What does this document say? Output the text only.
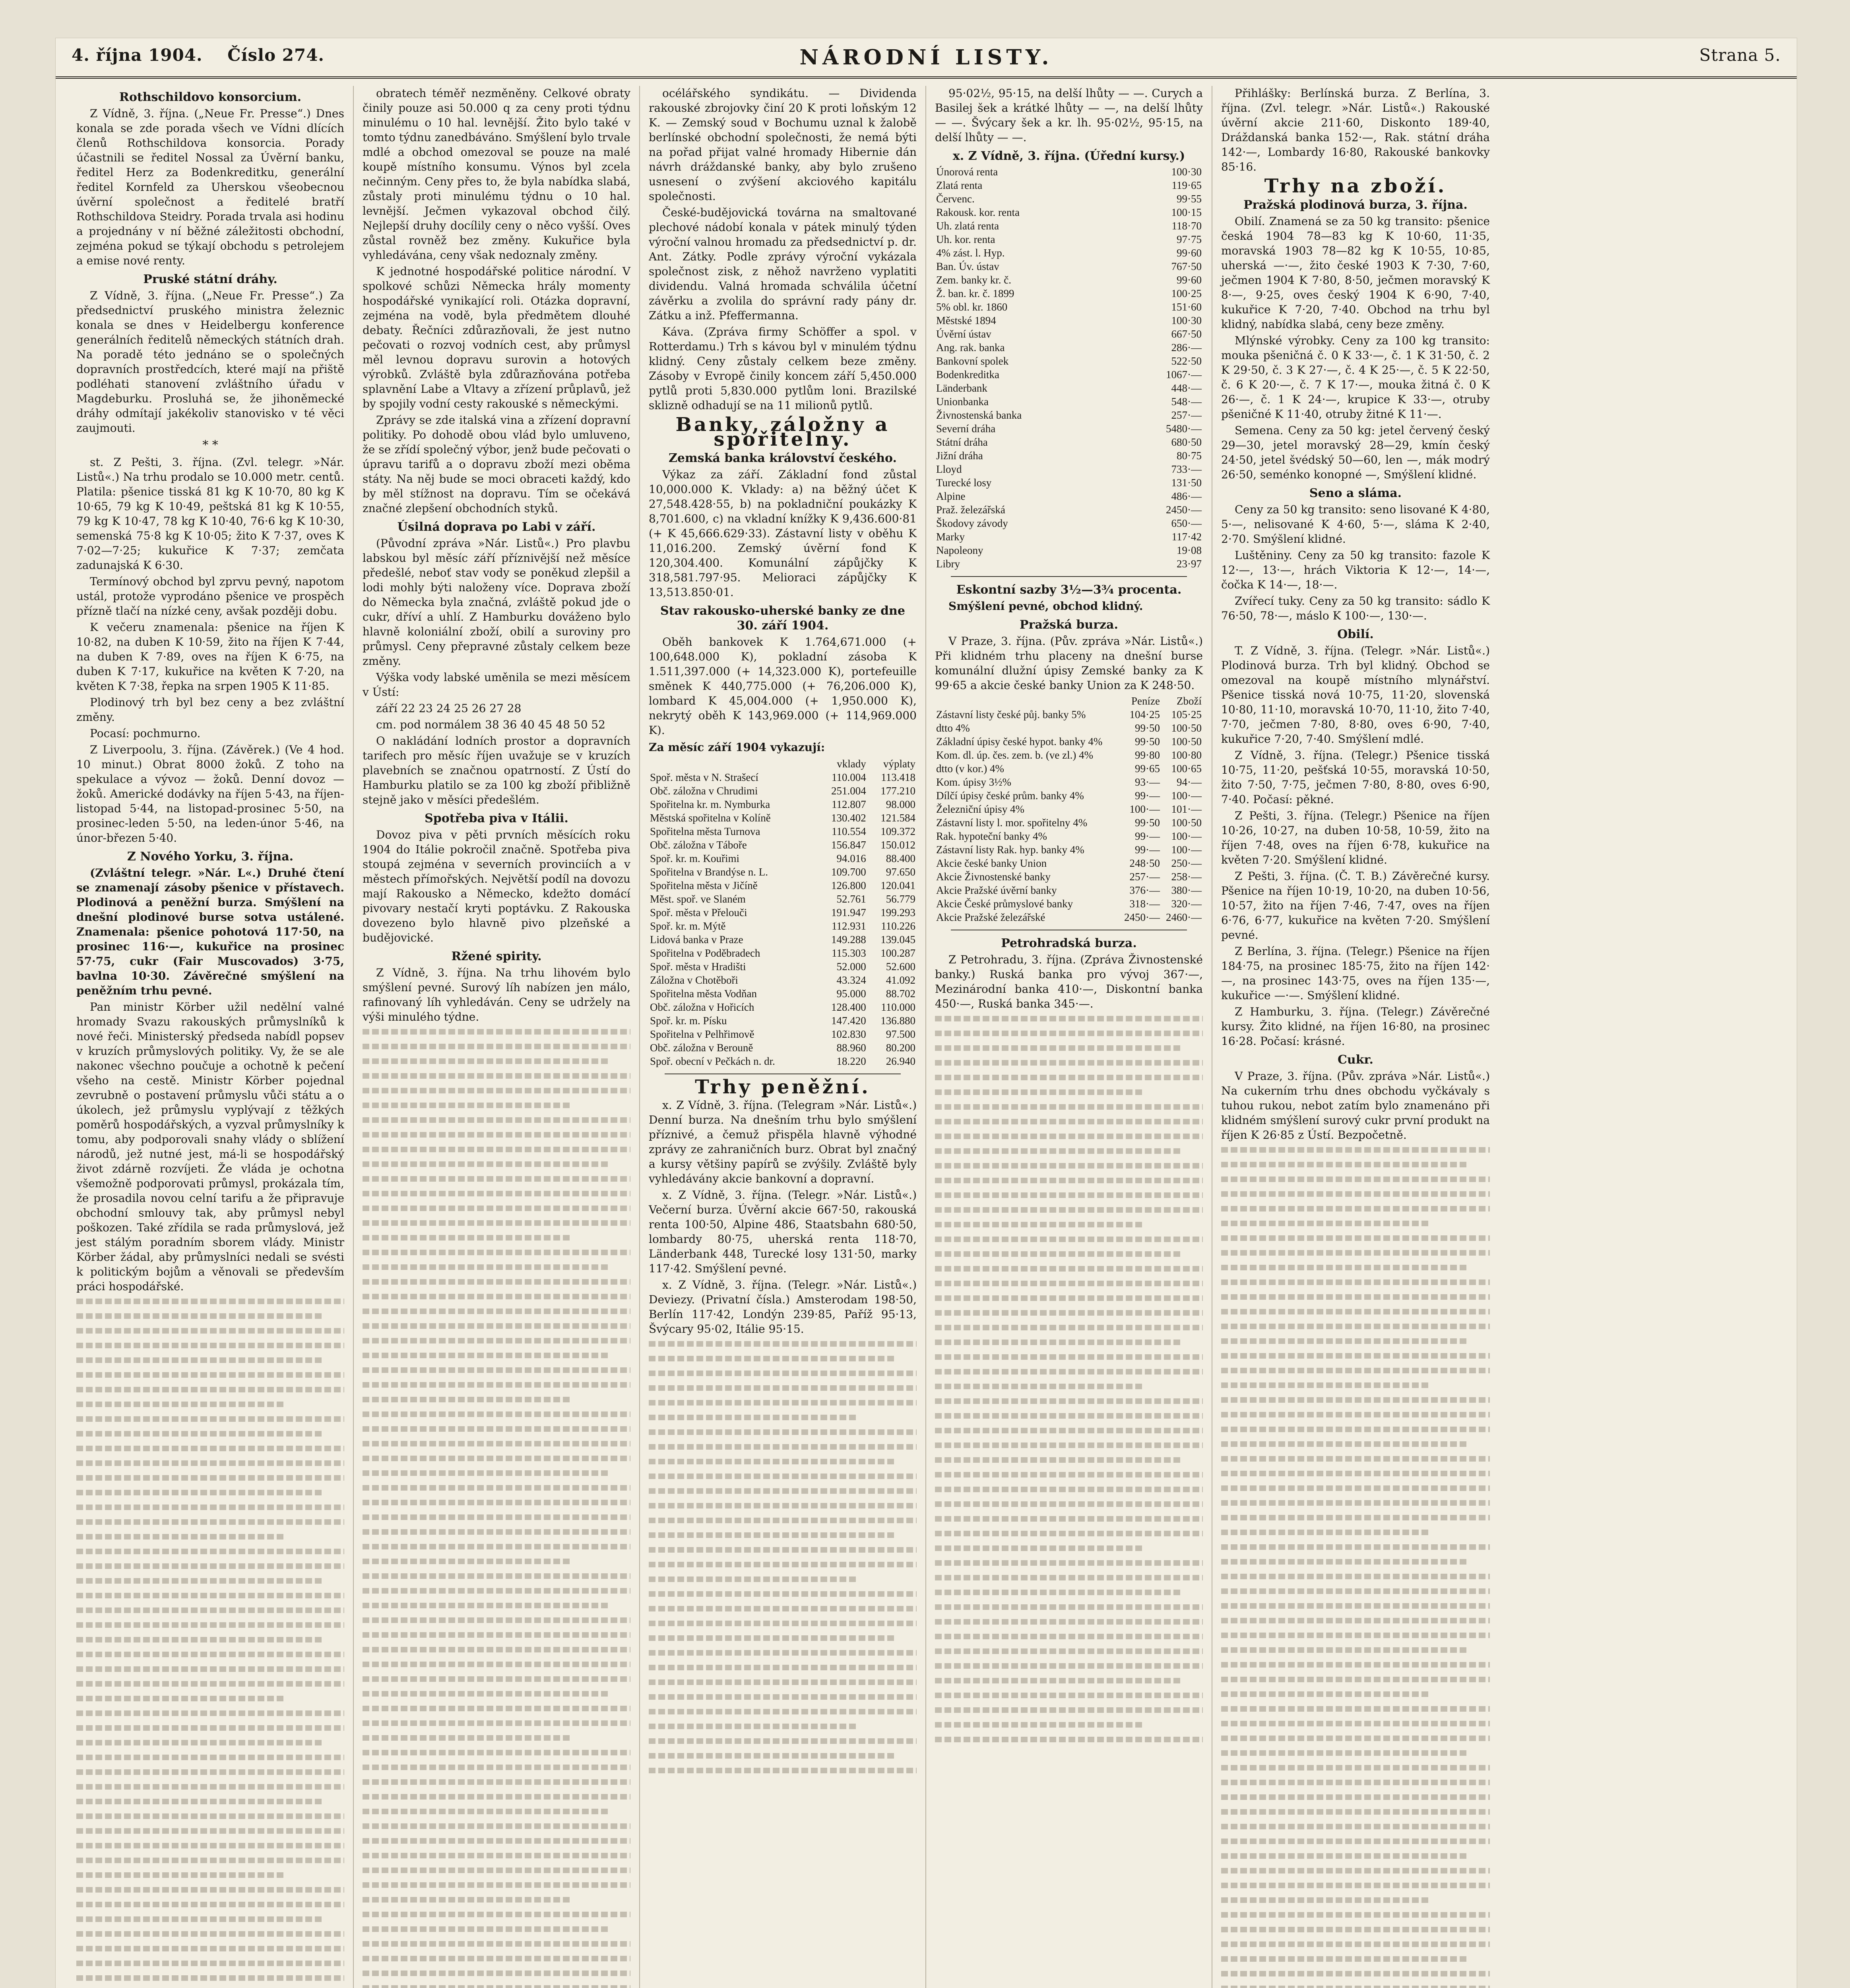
4. října 1904. Číslo 274.	NÁRODNÍ LISTY.	Strana 5.
Rothschildovo konsorcium.

Z Vídně, 3. října. („Neue Fr. Presse“.) Dnes konala se zde porada všech ve Vídni dlících členů Rothschildova konsorcia. Porady účastnili se ředitel Nossal za Úvěrní banku, ředitel Herz za Bodenkreditku, generální ředitel Kornfeld za Uherskou všeobecnou úvěrní společnost a ředitelé bratří Rothschildova Steidry. Porada trvala asi hodinu a projednány v ní běžné záležitosti obchodní, zejména pokud se týkají obchodu s petrolejem a emise nové renty.

Pruské státní dráhy.

Z Vídně, 3. října. („Neue Fr. Presse“.) Za předsednictví pruského ministra železnic konala se dnes v Heidelbergu konference generálních ředitelů německých státních drah. Na poradě této jednáno se o společných dopravních prostředcích, které mají na přiště podléhati stanovení zvláštního úřadu v Magdeburku. Prosluhá se, že jihoněmecké dráhy odmítají jakékoliv stanovisko v té věci zaujmouti.

* *

st. Z Pešti, 3. října. (Zvl. telegr. »Nár. Listů«.) Na trhu prodalo se 10.000 metr. centů. Platila: pšenice tisská 81 kg K 10·70, 80 kg K 10·65, 79 kg K 10·49, peštská 81 kg K 10·55, 79 kg K 10·47, 78 kg K 10·40, 76·6 kg K 10·30, semenská 75·8 kg K 10·05; žito K 7·37, oves K 7·02—7·25; kukuřice K 7·37; zemčata zadunajská K 6·30.

Termínový obchod byl zprvu pevný, napotom ustál, protože vyprodáno pšenice ve prospěch přízně tlačí na nízké ceny, avšak později dobu.

K večeru znamenala: pšenice na říjen K 10·82, na duben K 10·59, žito na říjen K 7·44, na duben K 7·89, oves na říjen K 6·75, na duben K 7·17, kukuřice na květen K 7·20, na květen K 7·38, řepka na srpen 1905 K 11·85.

Plodinový trh byl bez ceny a bez zvláštní změny.

Pocasí: pochmurno.

Z Liverpoolu, 3. října. (Závěrek.) (Ve 4 hod. 10 minut.) Obrat 8000 žoků. Z toho na spekulace a vývoz — žoků. Denní dovoz — žoků. Americké dodávky na říjen 5·43, na říjen-listopad 5·44, na listopad-prosinec 5·50, na prosinec-leden 5·50, na leden-únor 5·46, na únor-březen 5·40.

Z Nového Yorku, 3. října.

(Zvláštní telegr. »Nár. L«.) Druhé čtení se znamenají zásoby pšenice v přístavech. Plodinová a peněžní burza. Smýšlení na dnešní plodinové burse sotva ustálené. Znamenala: pšenice pohotová 117·50, na prosinec 116·—, kukuřice na prosinec 57·75, cukr (Fair Muscovados) 3·75, bavlna 10·30. Závěrečné smýšlení na peněžním trhu pevné.

Pan ministr Körber užil nedělní valné hromady Svazu rakouských průmyslníků k nové řeči. Ministerský předseda nabídl popsev v kruzích průmyslových politiky. Vy, že se ale nakonec všechno poučuje a ochotně k pečení všeho na cestě. Ministr Körber pojednal zevrubně o postavení průmyslu vůči státu a o úkolech, jež průmyslu vyplývají z těžkých poměrů hospodářských, a vyzval průmyslníky k tomu, aby podporovali snahy vlády o sblížení národů, jež nutné jest, má-li se hospodářský život zdárně rozvíjeti. Že vláda je ochotna všemožně podporovati průmysl, prokázala tím, že prosadila novou celní tarifu a že připravuje obchodní smlouvy tak, aby průmysl nebyl poškozen. Také zřídila se rada průmyslová, jež jest stálým poradním sborem vlády. Ministr Körber žádal, aby průmyslníci nedali se svésti k politickým bojům a věnovali se především práci hospodářské.

obratech téměř nezměněny. Celkové obraty činily pouze asi 50.000 q za ceny proti týdnu minulému o 10 hal. levnější. Žito bylo také v tomto týdnu zanedbáváno. Smýšlení bylo trvale mdlé a obchod omezoval se pouze na malé koupě místního konsumu. Výnos byl zcela nečinným. Ceny přes to, že byla nabídka slabá, zůstaly proti minulému týdnu o 10 hal. levnější. Ječmen vykazoval obchod čilý. Nejlepší druhy docílily ceny o něco vyšší. Oves zůstal rovněž bez změny. Kukuřice byla vyhledávána, ceny však nedoznaly změny.

K jednotné hospodářské politice národní. V spolkové schůzi Německa hrály momenty hospodářské vynikající roli. Otázka dopravní, zejména na vodě, byla předmětem dlouhé debaty. Řečníci zdůrazňovali, že jest nutno pečovati o rozvoj vodních cest, aby průmysl měl levnou dopravu surovin a hotových výrobků. Zvláště byla zdůrazňována potřeba splavnění Labe a Vltavy a zřízení průplavů, jež by spojily vodní cesty rakouské s německými.

Zprávy se zde italská vina a zřízení dopravní politiky. Po dohodě obou vlád bylo umluveno, že se zřídí společný výbor, jenž bude pečovati o úpravu tarifů a o dopravu zboží mezi oběma státy. Na něj bude se moci obraceti každý, kdo by měl stížnost na dopravu. Tím se očekává značné zlepšení obchodních styků.

Úsilná doprava po Labi v září.

(Původní zpráva »Nár. Listů«.) Pro plavbu labskou byl měsíc září příznivější než měsíce předešlé, neboť stav vody se poněkud zlepšil a lodi mohly býti naloženy více. Doprava zboží do Německa byla značná, zvláště pokud jde o cukr, dříví a uhlí. Z Hamburku dováženo bylo hlavně koloniální zboží, obilí a suroviny pro průmysl. Ceny přepravné zůstaly celkem beze změny.

Výška vody labské uměnila se mezi měsícem v Ústí:

září 22 23 24 25 26 27 28

cm. pod normálem 38 36 40 45 48 50 52

O nakládání lodních prostor a dopravních tarifech pro měsíc říjen uvažuje se v kruzích plavebních se značnou opatrností. Z Ústí do Hamburku platilo se za 100 kg zboží přibližně stejně jako v měsíci předešlém.

Spotřeba piva v Itálii.

Dovoz piva v pěti prvních měsících roku 1904 do Itálie pokročil značně. Spotřeba piva stoupá zejména v severních provinciích a v městech přímořských. Největší podíl na dovozu mají Rakousko a Německo, kdežto domácí pivovary nestačí kryti poptávku. Z Rakouska dovezeno bylo hlavně pivo plzeňské a budějovické.

Ržené spirity.

Z Vídně, 3. října. Na trhu lihovém bylo smýšlení pevné. Surový líh nabízen jen málo, rafinovaný líh vyhledáván. Ceny se udržely na výši minulého týdne.

océlářského syndikátu. — Dividenda rakouské zbrojovky činí 20 K proti loňským 12 K. — Zemský soud v Bochumu uznal k žalobě berlínské obchodní společnosti, že nemá býti na pořad přijat valné hromady Hibernie dán návrh dráždanské banky, aby bylo zrušeno usnesení o zvýšení akciového kapitálu společnosti.

České-budějovická továrna na smaltované plechové nádobí konala v pátek minulý týden výroční valnou hromadu za předsednictví p. dr. Ant. Zátky. Podle zprávy výroční vykázala společnost zisk, z něhož navrženo vyplatiti dividendu. Valná hromada schválila účetní závěrku a zvolila do správní rady pány dr. Zátku a inž. Pfeffermanna.

Káva. (Zpráva firmy Schöffer a spol. v Rotterdamu.) Trh s kávou byl v minulém týdnu klidný. Ceny zůstaly celkem beze změny. Zásoby v Evropě činily koncem září 5,450.000 pytlů proti 5,830.000 pytlům loni. Brazilské sklizně odhadují se na 11 milionů pytlů.

Banky, záložny a spořitelny.
Zemská banka království českého.

Výkaz za září. Základní fond zůstal 10,000.000 K. Vklady: a) na běžný účet K 27,548.428·55, b) na pokladniční poukázky K 8,701.600, c) na vkladní knížky K 9,436.600·81 (+ K 45,666.629·33). Zástavní listy v oběhu K 11,016.200. Zemský úvěrní fond K 120,304.400. Komunální zápůjčky K 318,581.797·95. Melioraci zápůjčky K 13,513.850·01.

Stav rakousko-uherské banky ze dne 30. září 1904.

Oběh bankovek K 1.764,671.000 (+ 100,648.000 K), pokladní zásoba K 1.511,397.000 (+ 14,323.000 K), portefeuille směnek K 440,775.000 (+ 76,206.000 K), lombard K 45,004.000 (+ 1,950.000 K), nekrytý oběh K 143,969.000 (+ 114,969.000 K).

Za měsíc září 1904 vykazují:
	vklady	výplaty
Spoř. města v N. Strašecí	110.004	113.418
Obč. záložna v Chrudimi	251.004	177.210
Spořitelna kr. m. Nymburka	112.807	98.000
Městská spořitelna v Kolíně	130.402	121.584
Spořitelna města Turnova	110.554	109.372
Obč. záložna v Táboře	156.847	150.012
Spoř. kr. m. Kouřimi	94.016	88.400
Spořitelna v Brandýse n. L.	109.700	97.650
Spořitelna města v Jičíně	126.800	120.041
Měst. spoř. ve Slaném	52.761	56.779
Spoř. města v Přelouči	191.947	199.293
Spoř. kr. m. Mýtě	112.931	110.226
Lidová banka v Praze	149.288	139.045
Spořitelna v Poděbradech	115.303	100.287
Spoř. města v Hradišti	52.000	52.600
Záložna v Chotěboři	43.324	41.092
Spořitelna města Vodňan	95.000	88.702
Obč. záložna v Hořicích	128.400	110.000
Spoř. kr. m. Písku	147.420	136.880
Spořitelna v Pelhřimově	102.830	97.500
Obč. záložna v Berouně	88.960	80.200
Spoř. obecní v Pečkách n. dr.	18.220	26.940
Trhy peněžní.

x. Z Vídně, 3. října. (Telegram »Nár. Listů«.) Denní burza. Na dnešním trhu bylo smýšlení příznivé, a čemuž přispěla hlavně výhodné zprávy ze zahraničních burz. Obrat byl značný a kursy většiny papírů se zvýšily. Zvláště byly vyhledávány akcie bankovní a dopravní.

x. Z Vídně, 3. října. (Telegr. »Nár. Listů«.) Večerní burza. Úvěrní akcie 667·50, rakouská renta 100·50, Alpine 486, Staatsbahn 680·50, lombardy 80·75, uherská renta 118·70, Länderbank 448, Turecké losy 131·50, marky 117·42. Smýšlení pevné.

x. Z Vídně, 3. října. (Telegr. »Nár. Listů«.) Deviezy. (Privatní čísla.) Amsterodam 198·50, Berlín 117·42, Londýn 239·85, Paříž 95·13, Švýcary 95·02, Itálie 95·15.

95·02½, 95·15, na delší lhůty — —. Curych a Basilej šek a krátké lhůty — —, na delší lhůty — —. Švýcary šek a kr. lh. 95·02½, 95·15, na delší lhůty — —.

x. Z Vídně, 3. října. (Úřední kursy.)
Únorová renta	100·30
Zlatá renta	119·65
Červenc.	99·55
Rakousk. kor. renta	100·15
Uh. zlatá renta	118·70
Uh. kor. renta	97·75
4% zást. l. Hyp.	99·60
Ban. Úv. ústav	767·50
Zem. banky kr. č.	99·60
Ž. ban. kr. č. 1899	100·25
5% obl. kr. 1860	151·60
Městské 1894	100·30
Úvěrní ústav	667·50
Ang. rak. banka	286·—
Bankovní spolek	522·50
Bodenkreditka	1067·—
Länderbank	448·—
Unionbanka	548·—
Živnostenská banka	257·—
Severní dráha	5480·—
Státní dráha	680·50
Jižní dráha	80·75
Lloyd	733·—
Turecké losy	131·50
Alpine	486·—
Praž. železářská	2450·—
Škodovy závody	650·—
Marky	117·42
Napoleony	19·08
Libry	23·97
Eskontní sazby 3½—3¾ procenta.

Smýšlení pevné, obchod klidný.

Pražská burza.

V Praze, 3. října. (Pův. zpráva »Nár. Listů«.) Při klidném trhu placeny na dnešní burse komunální dlužní úpisy Zemské banky za K 99·65 a akcie české banky Union za K 248·50.

	Peníze	Zboží
Zástavní listy české půj. banky 5%	104·25	105·25
dtto 4%	99·50	100·50
Základní úpisy české hypot. banky 4%	99·50	100·50
Kom. dl. úp. čes. zem. b. (ve zl.) 4%	99·80	100·80
dtto (v kor.) 4%	99·65	100·65
Kom. úpisy 3½%	93·—	94·—
Dílčí úpisy české prům. banky 4%	99·—	100·—
Železniční úpisy 4%	100·—	101·—
Zástavní listy l. mor. spořitelny 4%	99·50	100·50
Rak. hypoteční banky 4%	99·—	100·—
Zástavní listy Rak. hyp. banky 4%	99·—	100·—
Akcie české banky Union	248·50	250·—
Akcie Živnostenské banky	257·—	258·—
Akcie Pražské úvěrní banky	376·—	380·—
Akcie České průmyslové banky	318·—	320·—
Akcie Pražské železářské	2450·—	2460·—
Petrohradská burza.

Z Petrohradu, 3. října. (Zpráva Živnostenské banky.) Ruská banka pro vývoj 367·—, Mezinárodní banka 410·—, Diskontní banka 450·—, Ruská banka 345·—.

Přihlášky: Berlínská burza. Z Berlína, 3. října. (Zvl. telegr. »Nár. Listů«.) Rakouské úvěrní akcie 211·60, Diskonto 189·40, Dráždanská banka 152·—, Rak. státní dráha 142·—, Lombardy 16·80, Rakouské bankovky 85·16.

Trhy na zboží.
Pražská plodinová burza, 3. října.

Obilí. Znamená se za 50 kg transito: pšenice česká 1904 78—83 kg K 10·60, 11·35, moravská 1903 78—82 kg K 10·55, 10·85, uherská —·—, žito české 1903 K 7·30, 7·60, ječmen 1904 K 7·80, 8·50, ječmen moravský K 8·—, 9·25, oves český 1904 K 6·90, 7·40, kukuřice K 7·20, 7·40. Obchod na trhu byl klidný, nabídka slabá, ceny beze změny.

Mlýnské výrobky. Ceny za 100 kg transito: mouka pšeničná č. 0 K 33·—, č. 1 K 31·50, č. 2 K 29·50, č. 3 K 27·—, č. 4 K 25·—, č. 5 K 22·50, č. 6 K 20·—, č. 7 K 17·—, mouka žitná č. 0 K 26·—, č. 1 K 24·—, krupice K 33·—, otruby pšeničné K 11·40, otruby žitné K 11·—.

Semena. Ceny za 50 kg: jetel červený český 29—30, jetel moravský 28—29, kmín český 24·50, jetel švédský 50—60, len —, mák modrý 26·50, seménko konopné —, Smýšlení klidné.

Seno a sláma.

Ceny za 50 kg transito: seno lisované K 4·80, 5·—, nelisované K 4·60, 5·—, sláma K 2·40, 2·70. Smýšlení klidné.

Luštěniny. Ceny za 50 kg transito: fazole K 12·—, 13·—, hrách Viktoria K 12·—, 14·—, čočka K 14·—, 18·—.

Zvířecí tuky. Ceny za 50 kg transito: sádlo K 76·50, 78·—, máslo K 100·—, 130·—.

Obilí.

T. Z Vídně, 3. října. (Telegr. »Nár. Listů«.) Plodinová burza. Trh byl klidný. Obchod se omezoval na koupě místního mlynářství. Pšenice tisská nová 10·75, 11·20, slovenská 10·80, 11·10, moravská 10·70, 11·10, žito 7·40, 7·70, ječmen 7·80, 8·80, oves 6·90, 7·40, kukuřice 7·20, 7·40. Smýšlení mdlé.

Z Vídně, 3. října. (Telegr.) Pšenice tisská 10·75, 11·20, pešťská 10·55, moravská 10·50, žito 7·50, 7·75, ječmen 7·80, 8·80, oves 6·90, 7·40. Počasí: pěkné.

Z Pešti, 3. října. (Telegr.) Pšenice na říjen 10·26, 10·27, na duben 10·58, 10·59, žito na říjen 7·48, oves na říjen 6·78, kukuřice na květen 7·20. Smýšlení klidné.

Z Pešti, 3. října. (Č. T. B.) Závěrečné kursy. Pšenice na říjen 10·19, 10·20, na duben 10·56, 10·57, žito na říjen 7·46, 7·47, oves na říjen 6·76, 6·77, kukuřice na květen 7·20. Smýšlení pevné.

Z Berlína, 3. října. (Telegr.) Pšenice na říjen 184·75, na prosinec 185·75, žito na říjen 142·—, na prosinec 143·75, oves na říjen 135·—, kukuřice —·—. Smýšlení klidné.

Z Hamburku, 3. října. (Telegr.) Závěrečné kursy. Žito klidné, na říjen 16·80, na prosinec 16·28. Počasí: krásné.

Cukr.

V Praze, 3. října. (Pův. zpráva »Nár. Listů«.) Na cukerním trhu dnes obchodu vyčkávaly s tuhou rukou, nebot zatím bylo znamenáno při klidném smýšlení surový cukr první produkt na říjen K 26·85 z Ústí. Bezpočetně.
